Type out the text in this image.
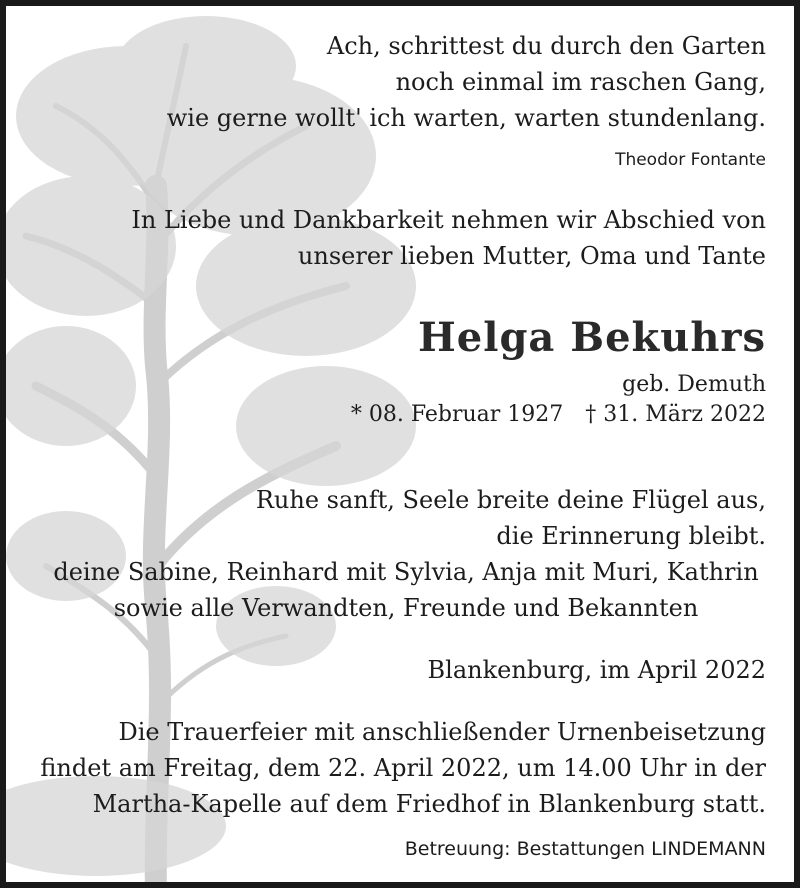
Ach, schrittest du durch den Garten
noch einmal im raschen Gang,
wie gerne wollt' ich warten, warten stundenlang.
Theodor Fontante
In Liebe und Dankbarkeit nehmen wir Abschied von
unserer lieben Mutter, Oma und Tante
Helga Bekuhrs
geb. Demuth
* 08. Februar 1927 † 31. März 2022
Ruhe sanft, Seele breite deine Flügel aus,
die Erinnerung bleibt.
deine Sabine, Reinhard mit Sylvia, Anja mit Muri, Kathrin
sowie alle Verwandten, Freunde und Bekannten
Blankenburg, im April 2022
Die Trauerfeier mit anschließender Urnenbeisetzung
findet am Freitag, dem 22. April 2022, um 14.00 Uhr in der
Martha-Kapelle auf dem Friedhof in Blankenburg statt.
Betreuung: Bestattungen LINDEMANN
